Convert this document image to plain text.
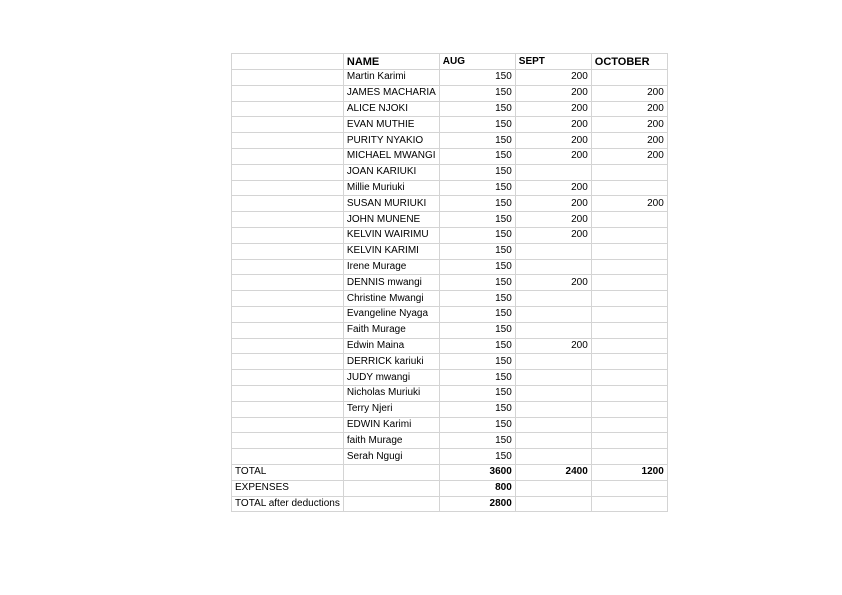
	NAME	AUG	SEPT	OCTOBER
	Martin Karimi	150	200	
	JAMES MACHARIA	150	200	200
	ALICE NJOKI	150	200	200
	EVAN MUTHIE	150	200	200
	PURITY NYAKIO	150	200	200
	MICHAEL MWANGI	150	200	200
	JOAN KARIUKI	150		
	Millie Muriuki	150	200	
	SUSAN MURIUKI	150	200	200
	JOHN MUNENE	150	200	
	KELVIN WAIRIMU	150	200	
	KELVIN KARIMI	150		
	Irene Murage	150		
	DENNIS mwangi	150	200	
	Christine Mwangi	150		
	Evangeline Nyaga	150		
	Faith Murage	150		
	Edwin Maina	150	200	
	DERRICK kariuki	150		
	JUDY mwangi	150		
	Nicholas Muriuki	150		
	Terry Njeri	150		
	EDWIN Karimi	150		
	faith Murage	150		
	Serah Ngugi	150		
TOTAL		3600	2400	1200
EXPENSES		800		
TOTAL after deductions		2800		
